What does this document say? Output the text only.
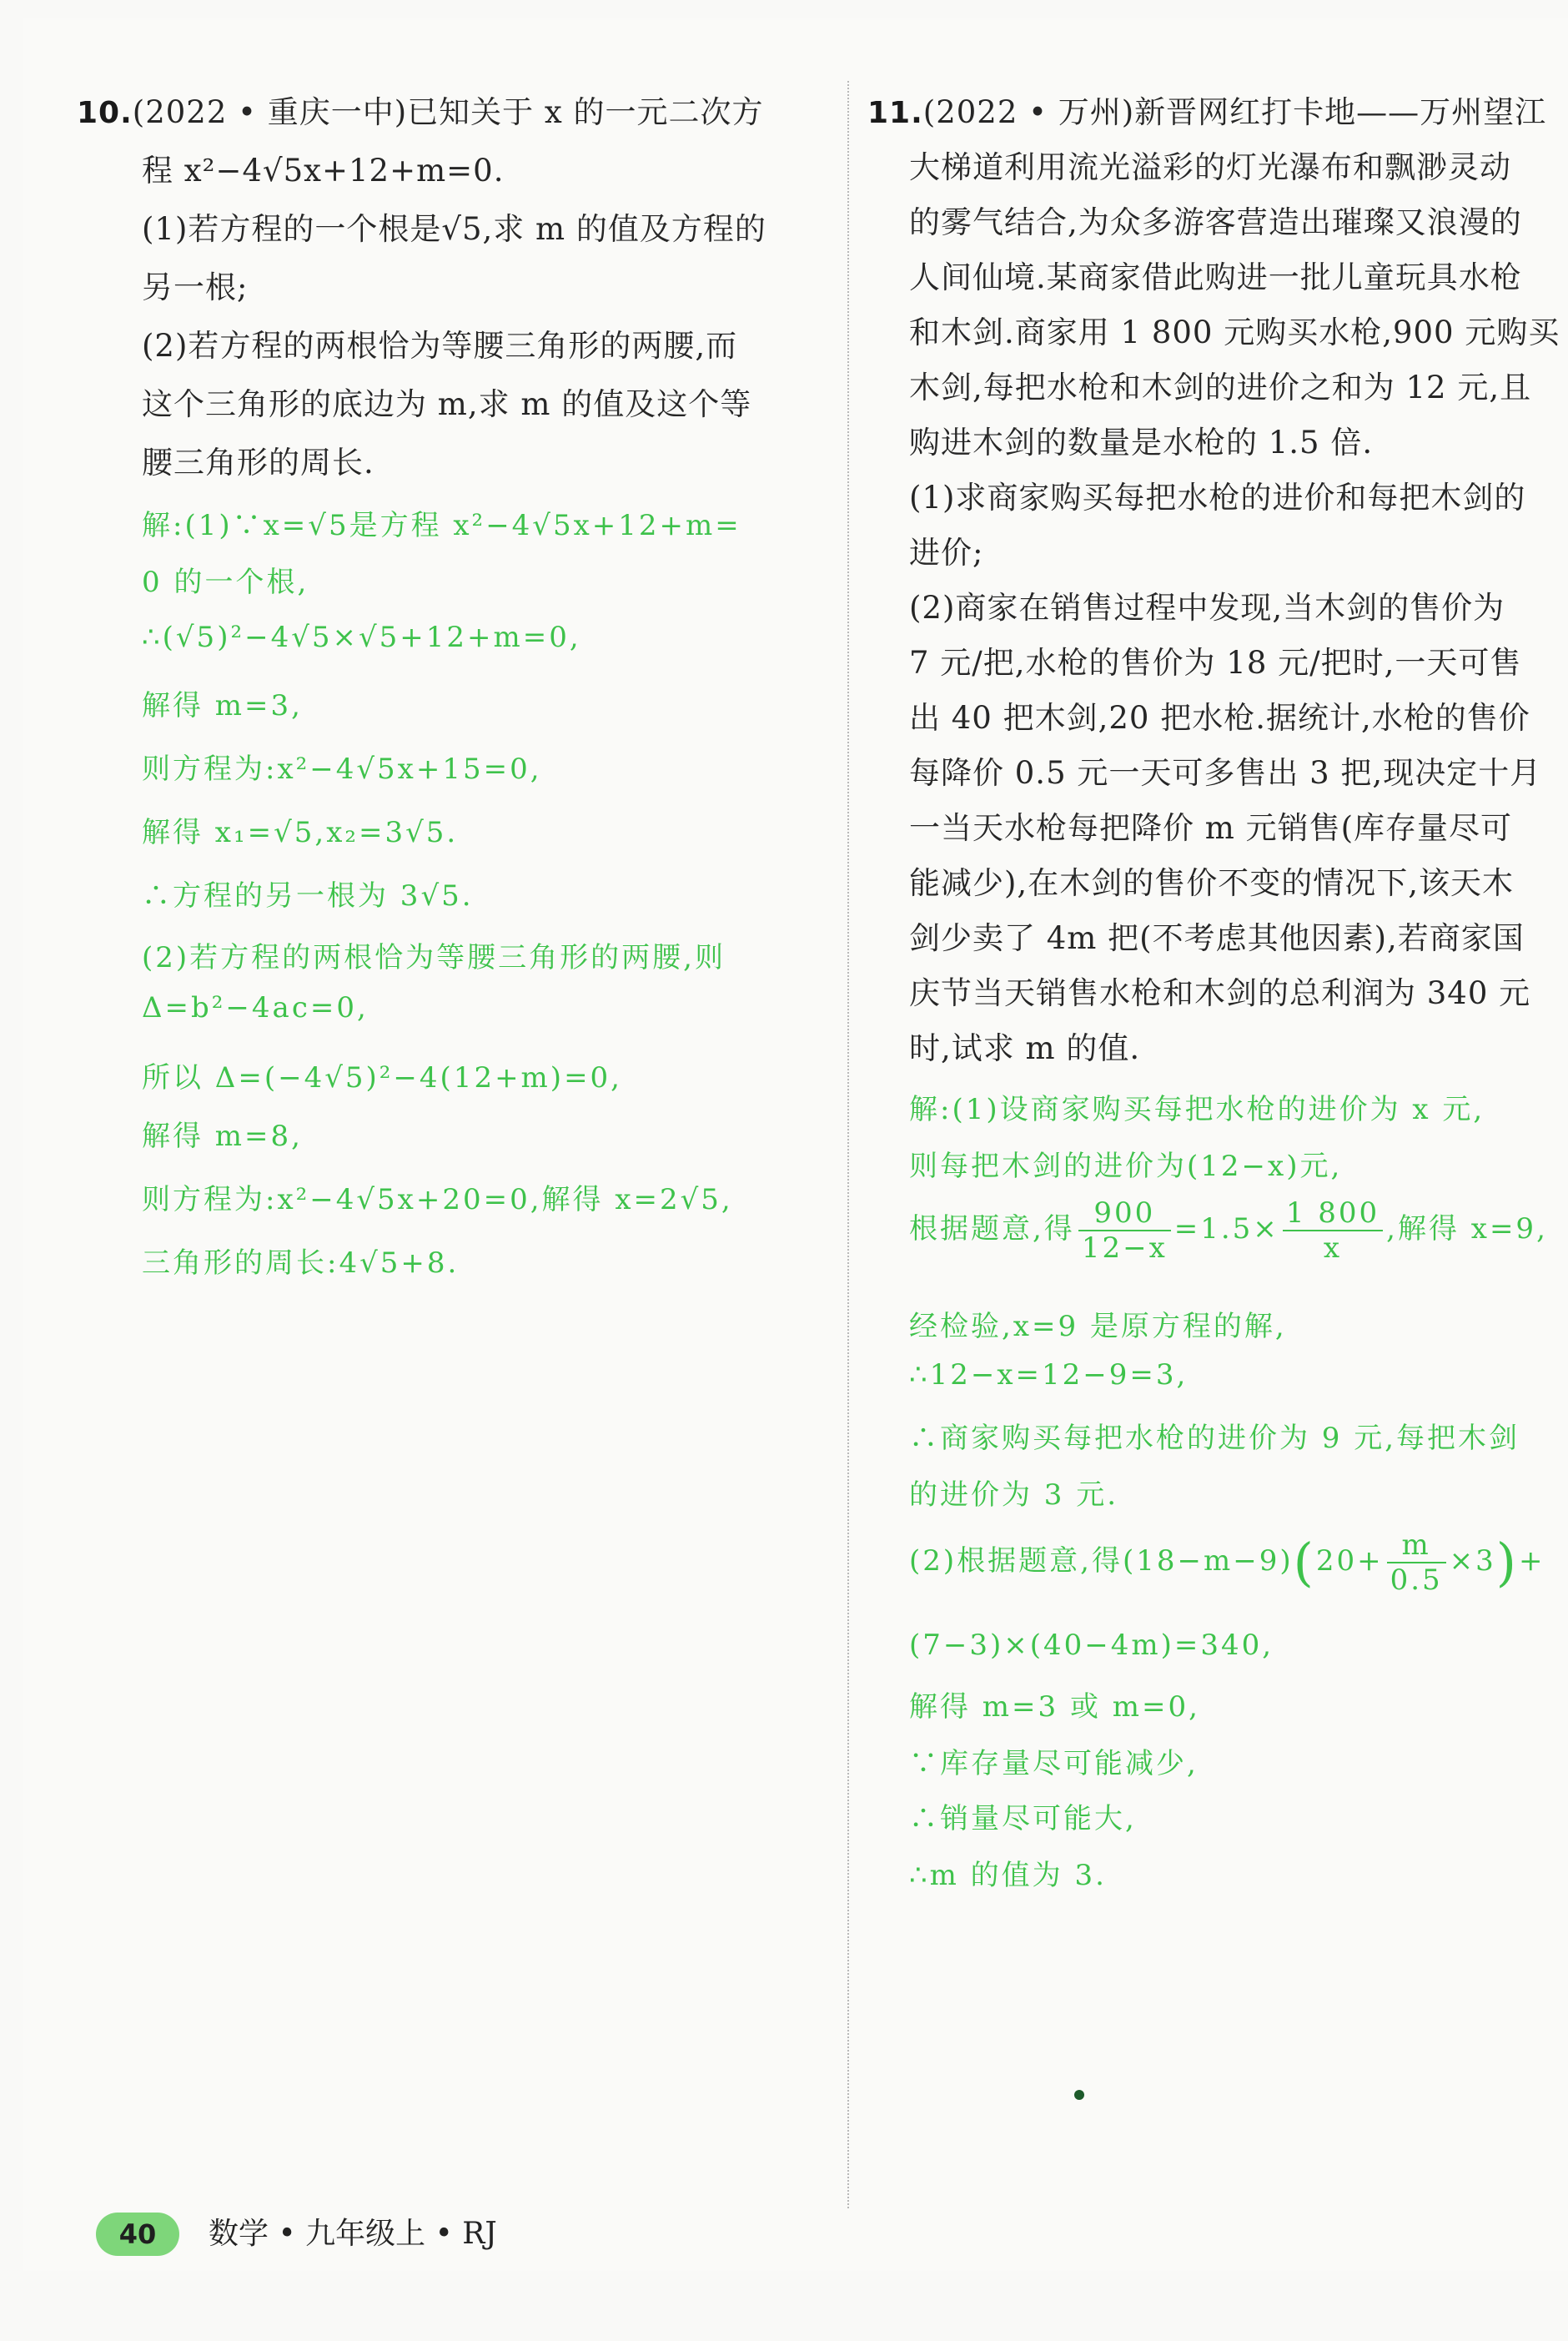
10.(2022 • 重庆一中)已知关于 x 的一元二次方
程 x²−4√5x+12+m=0.
(1)若方程的一个根是√5,求 m 的值及方程的
另一根;
(2)若方程的两根恰为等腰三角形的两腰,而
这个三角形的底边为 m,求 m 的值及这个等
腰三角形的周长.
解:(1)∵x=√5是方程 x²−4√5x+12+m=
0 的一个根,
∴(√5)²−4√5×√5+12+m=0,
解得 m=3,
则方程为:x²−4√5x+15=0,
解得 x₁=√5,x₂=3√5.
∴方程的另一根为 3√5.
(2)若方程的两根恰为等腰三角形的两腰,则
Δ=b²−4ac=0,
所以 Δ=(−4√5)²−4(12+m)=0,
解得 m=8,
则方程为:x²−4√5x+20=0,解得 x=2√5,
三角形的周长:4√5+8.
11.(2022 • 万州)新晋网红打卡地——万州望江
大梯道利用流光溢彩的灯光瀑布和飘渺灵动
的雾气结合,为众多游客营造出璀璨又浪漫的
人间仙境.某商家借此购进一批儿童玩具水枪
和木剑.商家用 1 800 元购买水枪,900 元购买
木剑,每把水枪和木剑的进价之和为 12 元,且
购进木剑的数量是水枪的 1.5 倍.
(1)求商家购买每把水枪的进价和每把木剑的
进价;
(2)商家在销售过程中发现,当木剑的售价为
7 元/把,水枪的售价为 18 元/把时,一天可售
出 40 把木剑,20 把水枪.据统计,水枪的售价
每降价 0.5 元一天可多售出 3 把,现决定十月
一当天水枪每把降价 m 元销售(库存量尽可
能减少),在木剑的售价不变的情况下,该天木
剑少卖了 4m 把(不考虑其他因素),若商家国
庆节当天销售水枪和木剑的总利润为 340 元
时,试求 m 的值.
解:(1)设商家购买每把水枪的进价为 x 元,
则每把木剑的进价为(12−x)元,
根据题意,得 $\frac{900}{12-x} =1.5\times \frac{1 800}{x}$ ,解得 x=9,
经检验,x=9 是原方程的解,
∴12−x=12−9=3,
∴商家购买每把水枪的进价为 9 元,每把木剑
的进价为 3 元.
(2)根据题意,得$(18-m-9)(20+ \frac{m}{0.5} \times 3)+$
(7−3)×(40−4m)=340,
解得 m=3 或 m=0,
∵库存量尽可能减少,
∴销量尽可能大,
∴m 的值为 3.
40	数学 • 九年级上 • RJ
